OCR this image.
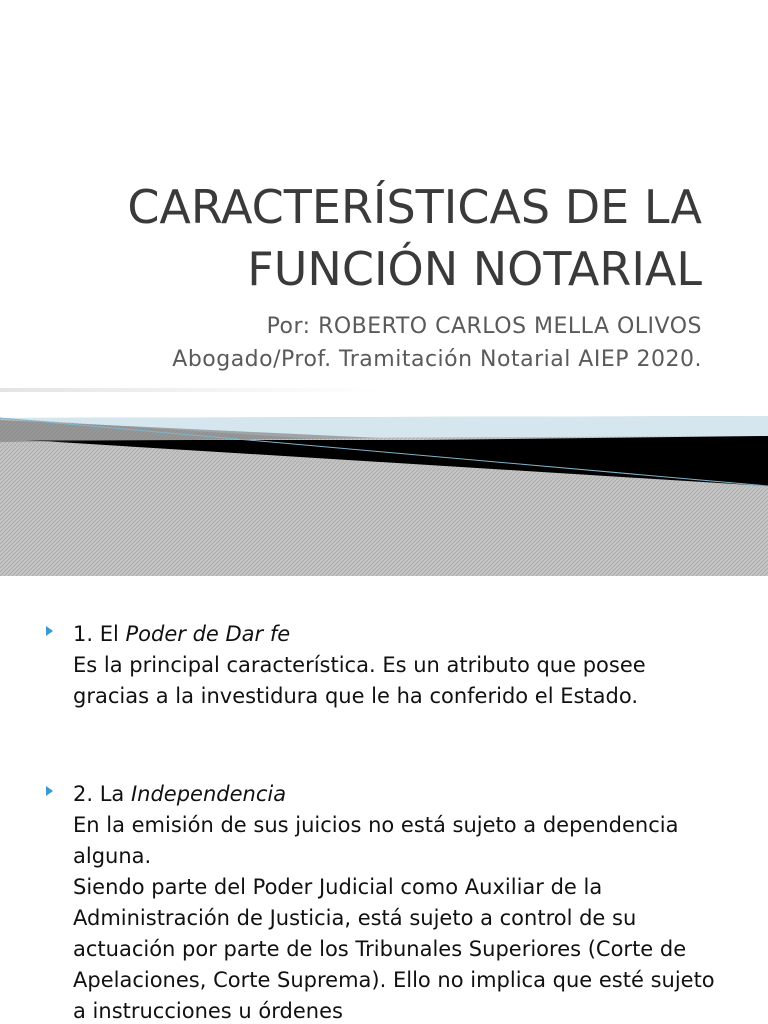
CARACTERÍSTICAS DE LA
FUNCIÓN NOTARIAL
Por: ROBERTO CARLOS MELLA OLIVOS
Abogado/Prof. Tramitación Notarial AIEP 2020.
1. El Poder de Dar fe
Es la principal característica. Es un atributo que posee gracias a la investidura que le ha conferido el Estado.
2. La Independencia
En la emisión de sus juicios no está sujeto a dependencia alguna.
Siendo parte del Poder Judicial como Auxiliar de la Administración de Justicia, está sujeto a control de su actuación por parte de los Tribunales Superiores (Corte de Apelaciones, Corte Suprema). Ello no implica que esté sujeto a instrucciones u órdenes
